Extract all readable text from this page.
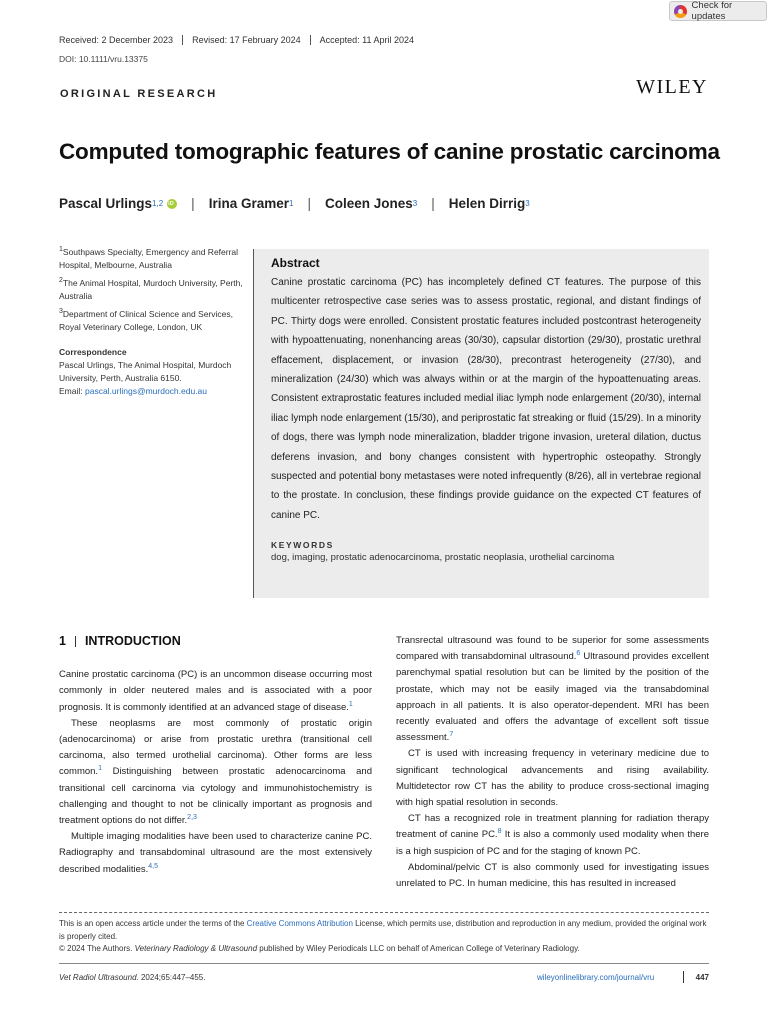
Check for updates
Received: 2 December 2023	Revised: 17 February 2024	Accepted: 11 April 2024
DOI: 10.1111/vru.13375
ORIGINAL RESEARCH	WILEY
Computed tomographic features of canine prostatic carcinoma
Pascal Urlings 1,2
iD | Irina Gramer 1 | Coleen Jones 3 | Helen Dirrig 3

$^1$Southpaws Specialty, Emergency and Referral Hospital, Melbourne, Australia

$^2$The Animal Hospital, Murdoch University, Perth, Australia

$^3$Department of Clinical Science and Services, Royal Veterinary College, London, UK

Correspondence

Pascal Urlings, The Animal Hospital, Murdoch University, Perth, Australia 6150.
Email: pascal.urlings@murdoch.edu.au

Abstract
Canine prostatic carcinoma (PC) has incompletely defined CT features. The purpose of this multicenter retrospective case series was to assess prostatic, regional, and distant findings of PC. Thirty dogs were enrolled. Consistent prostatic features included postcontrast heterogeneity with hypoattenuating, nonenhancing areas (30/30), capsular distortion (29/30), prostatic urethral effacement, displacement, or invasion (28/30), precontrast heterogeneity (27/30), and mineralization (24/30) which was always within or at the margin of the hypoattenuating areas. Consistent extraprostatic features included medial iliac lymph node enlargement (20/30), internal iliac lymph node enlargement (15/30), and periprostatic fat streaking or fluid (15/29). In a minority of dogs, there was lymph node mineralization, bladder trigone invasion, ureteral dilation, ductus deferens invasion, and bony changes consistent with hypertrophic osteopathy. Strongly suspected and potential bony metastases were noted infrequently (8/26), all in vertebrae regional to the prostate. In conclusion, these findings provide guidance on the expected CT features of canine PC.
KEYWORDS
dog, imaging, prostatic adenocarcinoma, prostatic neoplasia, urothelial carcinoma
1 INTRODUCTION

Canine prostatic carcinoma (PC) is an uncommon disease occurring most commonly in older neutered males and is associated with a poor prognosis. It is commonly identified at an advanced stage of disease.$^1$

These neoplasms are most commonly of prostatic origin (adenocarcinoma) or arise from prostatic urethra (transitional cell carcinoma, also termed urothelial carcinoma). Other forms are less common.$^1$ Distinguishing between prostatic adenocarcinoma and transitional cell carcinoma via cytology and immunohistochemistry is challenging and thought to not be clinically important as prognosis and treatment options do not differ.$^{2,3}$

Multiple imaging modalities have been used to characterize canine PC. Radiography and transabdominal ultrasound are the most extensively described modalities.$^{4,5}$

Transrectal ultrasound was found to be superior for some assessments compared with transabdominal ultrasound.$^6$ Ultrasound provides excellent parenchymal spatial resolution but can be limited by the position of the prostate, which may not be easily imaged via the transabdominal approach in all patients. It is also operator-dependent. MRI has been recently evaluated and offers the advantage of excellent soft tissue assessment.$^7$

CT is used with increasing frequency in veterinary medicine due to significant technological advancements and rising availability. Multidetector row CT has the ability to produce cross-sectional imaging with high spatial resolution in seconds.

CT has a recognized role in treatment planning for radiation therapy treatment of canine PC.$^8$ It is also a commonly used modality when there is a high suspicion of PC and for the staging of known PC.

Abdominal/pelvic CT is also commonly used for investigating issues unrelated to PC. In human medicine, this has resulted in increased

This is an open access article under the terms of the Creative Commons Attribution License, which permits use, distribution and reproduction in any medium, provided the original work is properly cited.
© 2024 The Authors. Veterinary Radiology & Ultrasound published by Wiley Periodicals LLC on behalf of American College of Veterinary Radiology.
Vet Radiol Ultrasound. 2024;65:447–455.	wileyonlinelibrary.com/journal/vru	447
